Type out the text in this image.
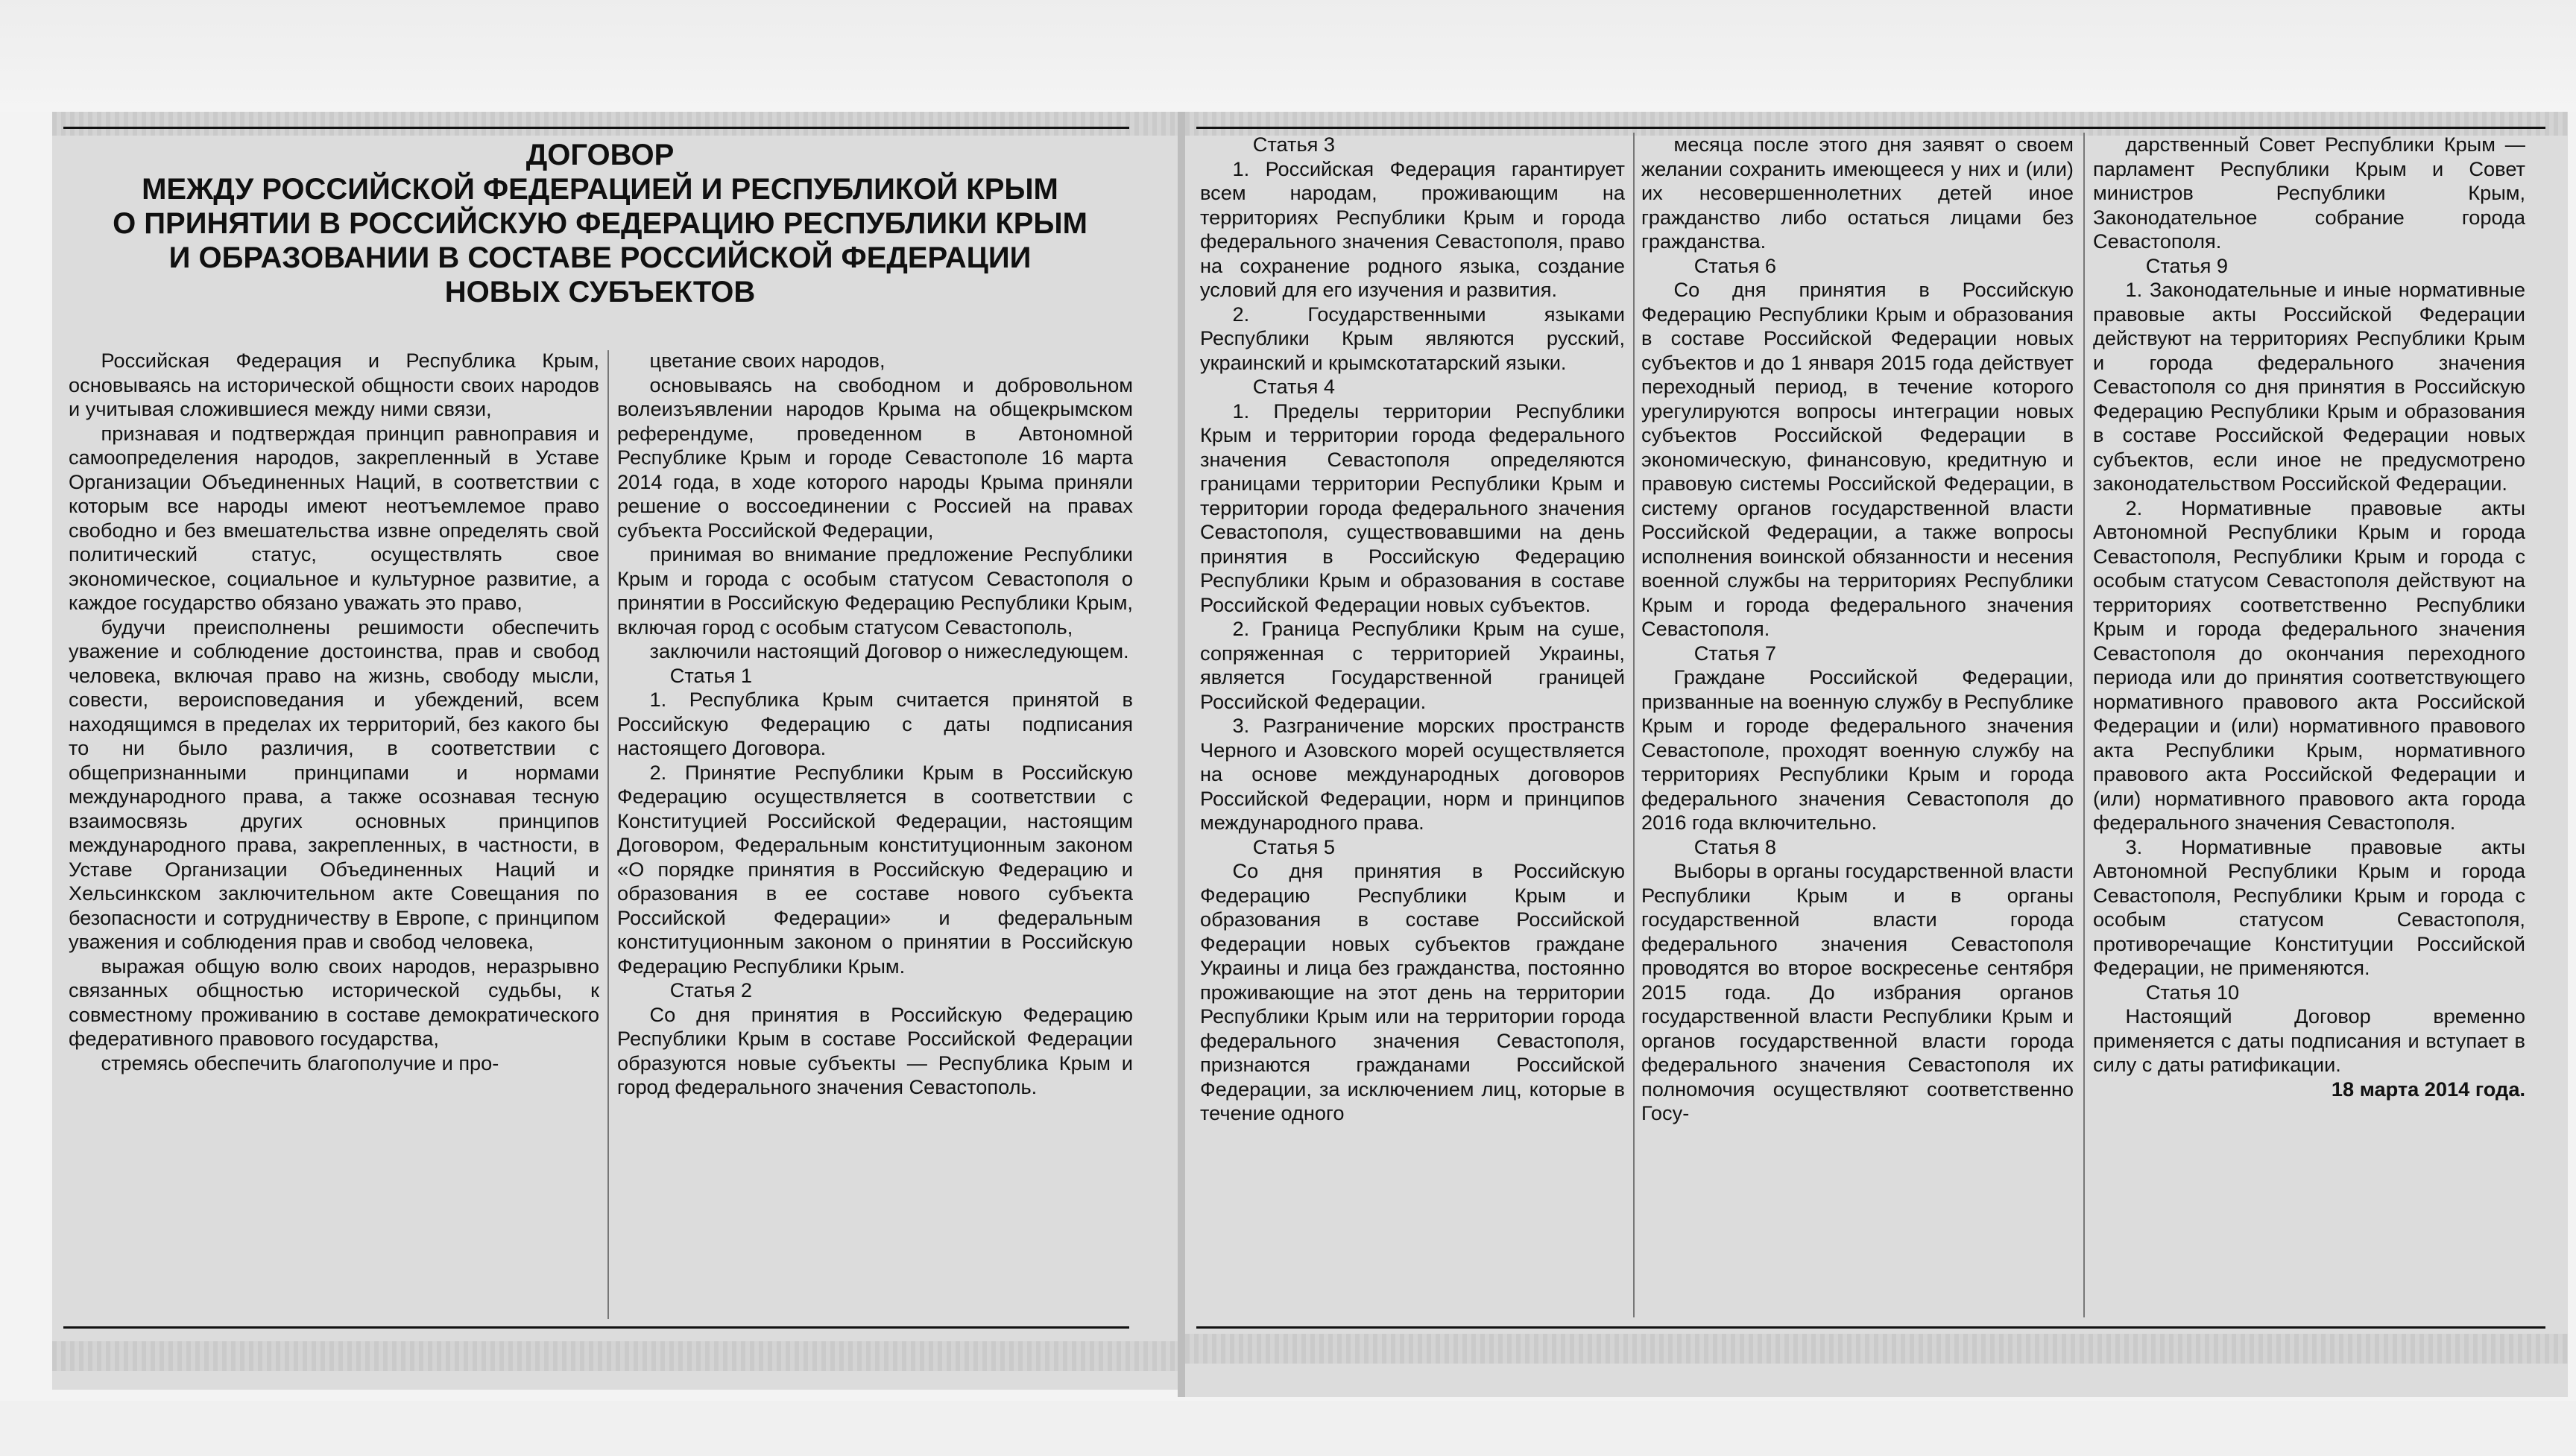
ДОГОВОР
МЕЖДУ РОССИЙСКОЙ ФЕДЕРАЦИЕЙ И РЕСПУБЛИКОЙ КРЫМ
О ПРИНЯТИИ В РОССИЙСКУЮ ФЕДЕРАЦИЮ РЕСПУБЛИКИ КРЫМ
И ОБРАЗОВАНИИ В СОСТАВЕ РОССИЙСКОЙ ФЕДЕРАЦИИ
НОВЫХ СУБЪЕКТОВ

Российская Федерация и Республика Крым, основываясь на исторической общности своих народов и учитывая сложившиеся между ними связи,

признавая и подтверждая принцип равноправия и самоопределения народов, закрепленный в Уставе Организации Объединенных Наций, в соответствии с которым все народы имеют неотъемлемое право свободно и без вмешательства извне определять свой политический статус, осуществлять свое экономическое, социальное и культурное развитие, а каждое государство обязано уважать это право,

будучи преисполнены решимости обеспечить уважение и соблюдение достоинства, прав и свобод человека, включая право на жизнь, свободу мысли, совести, вероисповедания и убеждений, всем находящимся в пределах их территорий, без какого бы то ни было различия, в соответствии с общепризнанными принципами и нормами международного права, а также осознавая тесную взаимосвязь других основных принципов международного права, закрепленных, в частности, в Уставе Организации Объединенных Наций и Хельсинкском заключительном акте Совещания по безопасности и сотрудничеству в Европе, с принципом уважения и соблюдения прав и свобод человека,

выражая общую волю своих народов, неразрывно связанных общностью исторической судьбы, к совместному проживанию в составе демократического федеративного правового государства,

стремясь обеспечить благополучие и про-

цветание своих народов,

основываясь на свободном и добровольном волеизъявлении народов Крыма на общекрымском референдуме, проведенном в Автономной Республике Крым и городе Севастополе 16 марта 2014 года, в ходе которого народы Крыма приняли решение о воссоединении с Россией на правах субъекта Российской Федерации,

принимая во внимание предложение Республики Крым и города с особым статусом Севастополя о принятии в Российскую Федерацию Республики Крым, включая город с особым статусом Севастополь,

заключили настоящий Договор о нижеследующем.

Статья 1

1. Республика Крым считается принятой в Российскую Федерацию с даты подписания настоящего Договора.

2. Принятие Республики Крым в Российскую Федерацию осуществляется в соответствии с Конституцией Российской Федерации, настоящим Договором, Федеральным конституционным законом «О порядке принятия в Российскую Федерацию и образования в ее составе нового субъекта Российской Федерации» и федеральным конституционным законом о принятии в Российскую Федерацию Республики Крым.

Статья 2

Со дня принятия в Российскую Федерацию Республики Крым в составе Российской Федерации образуются новые субъекты — Республика Крым и город федерального значения Севастополь.

Статья 3

1. Российская Федерация гарантирует всем народам, проживающим на территориях Республики Крым и города федерального значения Севастополя, право на сохранение родного языка, создание условий для его изучения и развития.

2. Государственными языками Республики Крым являются русский, украинский и крымскотатарский языки.

Статья 4

1. Пределы территории Республики Крым и территории города федерального значения Севастополя определяются границами территории Республики Крым и территории города федерального значения Севастополя, существовавшими на день принятия в Российскую Федерацию Республики Крым и образования в составе Российской Федерации новых субъектов.

2. Граница Республики Крым на суше, сопряженная с территорией Украины, является Государственной границей Российской Федерации.

3. Разграничение морских пространств Черного и Азовского морей осуществляется на основе международных договоров Российской Федерации, норм и принципов международного права.

Статья 5

Со дня принятия в Российскую Федерацию Республики Крым и образования в составе Российской Федерации новых субъектов граждане Украины и лица без гражданства, постоянно проживающие на этот день на территории Республики Крым или на территории города федерального значения Севастополя, признаются гражданами Российской Федерации, за исключением лиц, которые в течение одного

месяца после этого дня заявят о своем желании сохранить имеющееся у них и (или) их несовершеннолетних детей иное гражданство либо остаться лицами без гражданства.

Статья 6

Со дня принятия в Российскую Федерацию Республики Крым и образования в составе Российской Федерации новых субъектов и до 1 января 2015 года действует переходный период, в течение которого урегулируются вопросы интеграции новых субъектов Российской Федерации в экономическую, финансовую, кредитную и правовую системы Российской Федерации, в систему органов государственной власти Российской Федерации, а также вопросы исполнения воинской обязанности и несения военной службы на территориях Республики Крым и города федерального значения Севастополя.

Статья 7

Граждане Российской Федерации, призванные на военную службу в Республике Крым и городе федерального значения Севастополе, проходят военную службу на территориях Республики Крым и города федерального значения Севастополя до 2016 года включительно.

Статья 8

Выборы в органы государственной власти Республики Крым и в органы государственной власти города федерального значения Севастополя проводятся во второе воскресенье сентября 2015 года. До избрания органов государственной власти Республики Крым и органов государственной власти города федерального значения Севастополя их полномочия осуществляют соответственно Госу-

дарственный Совет Республики Крым — парламент Республики Крым и Совет министров Республики Крым, Законодательное собрание города Севастополя.

Статья 9

1. Законодательные и иные нормативные правовые акты Российской Федерации действуют на территориях Республики Крым и города федерального значения Севастополя со дня принятия в Российскую Федерацию Республики Крым и образования в составе Российской Федерации новых субъектов, если иное не предусмотрено законодательством Российской Федерации.

2. Нормативные правовые акты Автономной Республики Крым и города Севастополя, Республики Крым и города с особым статусом Севастополя действуют на территориях соответственно Республики Крым и города федерального значения Севастополя до окончания переходного периода или до принятия соответствующего нормативного правового акта Российской Федерации и (или) нормативного правового акта Республики Крым, нормативного правового акта Российской Федерации и (или) нормативного правового акта города федерального значения Севастополя.

3. Нормативные правовые акты Автономной Республики Крым и города Севастополя, Республики Крым и города с особым статусом Севастополя, противоречащие Конституции Российской Федерации, не применяются.

Статья 10

Настоящий Договор временно применяется с даты подписания и вступает в силу с даты ратификации.

18 марта 2014 года.
